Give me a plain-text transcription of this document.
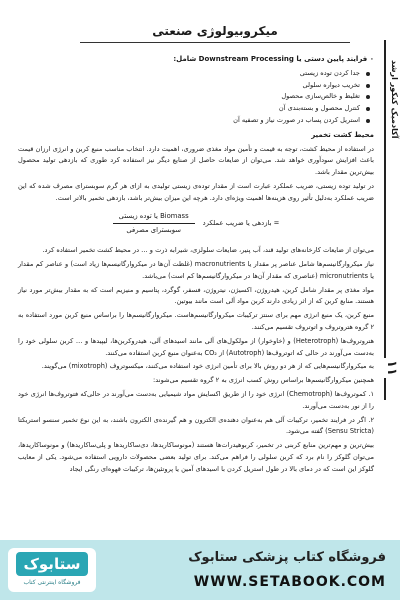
میکروبیولوژی صنعتی
آکادمیک کنکور ارشد
۱۱
۰ فرایند پایین دستی یا Downstream Processing شامل:
جدا کردن توده زیستی
تخریب دیواره سلولی
تغلیظ و خالص‌سازی محصول
کنترل محصول و بسته‌بندی آن
استریل کردن پساب در صورت نیاز و تصفیه آن
محیط کشت تخمیر

در استفاده از محیط کشت، توجه به قیمت و تأمین مواد مغذی ضروری، اهمیت دارد. انتخاب مناسب منبع کربن و انرژی ارزان قیمت باعث افزایش سودآوری خواهد شد. می‌توان از ضایعات حاصل از صنایع دیگر نیز استفاده کرد طوری که بازدهی تولید محصول بیش‌ترین مقدار باشد.

در تولید توده زیستی، ضریب عملکرد عبارت است از مقدار توده‌ی زیستی تولیدی به ازای هر گرم سوبسترای مصرف شده که این ضریب عملکرد به‌دلیل تأثیر روی هزینه‌ها اهمیت ویژه‌ای دارد. هرچه این میزان بیش‌تر باشد، بازدهی تخمیر بالاتر است.

$\frac{\text{Biomass یا توده زیستی}}{\text{سوبسترای مصرفی}}$ = بازدهی یا ضریب عملکرد

می‌توان از ضایعات کارخانه‌های تولید قند، آب پنیر، ضایعات سلولزی، شیرابه ذرت و … در محیط کشت تخمیر استفاده کرد.

نیاز میکروارگانیسم‌ها شامل عناصر پر مقدار یا macronutrients (غلظت آن‌ها در میکروارگانیسم‌ها زیاد است) و عناصر کم مقدار یا micronutrients (عناصری که مقدار آن‌ها در میکروارگانیسم‌ها کم است) می‌باشد.

مواد مغذی پر مقدار شامل کربن، هیدروژن، اکسیژن، نیتروژن، فسفر، گوگرد، پتاسیم و منیزیم است که به مقدار بیش‌تر مورد نیاز هستند. منابع کربن که از اثر زیادی دارند کربن مواد آلی است مانند بیوتین.

منبع کربن، یک منبع انرژی مهم برای سنتز ترکیبات میکروارگانیسم‌هاست. میکروارگانیسم‌ها را براساس منبع کربن مورد استفاده به ۲ گروه هتروتروف و اتوتروف تقسیم می‌کنند.

هتروتروف‌ها (Heterotroph) و (خاوخوار) از مولکول‌های آلی مانند اسیدهای آلی، هیدروکربن‌ها، لیپیدها و … کربن سلولی خود را به‌دست می‌آورند در حالی که اتوتروف‌ها (Autotroph) از CO₂ به‌عنوان منبع کربن استفاده می‌کنند.

به میکروارگانیسم‌هایی که از هر دو روش بالا برای تأمین انرژی خود استفاده می‌کنند، میکسوتروف (mixotroph) می‌گویند.

همچنین میکروارگانیسم‌ها براساس روش کسب انرژی به ۲ گروه تقسیم می‌شوند:

۱. کموتروف‌ها (Chemotroph) انرژی خود را از طریق اکسایش مواد شیمیایی به‌دست می‌آورند در حالی‌که فتوتروف‌ها انرژی خود را از نور به‌دست می‌آورند.
۲. اگر در فرایند تخمیر، ترکیبات آلی هم به‌عنوان دهنده‌ی الکترون و هم گیرنده‌ی الکترون باشند، به این نوع تخمیر سنسو استریکتا (Sensu Stricta) گفته می‌شود.

بیش‌ترین و مهم‌ترین منابع کربنی در تخمیر، کربوهیدرات‌ها هستند (مونوساکاریدها، دی‌ساکاریدها و پلی‌ساکاریدها) و مونوساکاریدها، می‌توان گلوکز را نام برد که کربن سلولی را فراهم می‌کند. برای تولید بعضی محصولات دارویی استفاده می‌شود. یکی از معایب گلوکز این است که در دمای بالا در طول استریل کردن با اسیدهای آمین یا پروتئین‌ها، ترکیبات قهوه‌ای رنگی ایجاد

ستابوک
فروشگاه اینترنتی کتاب
فروشگاه کتاب پزشکی ستابوک
WWW.SETABOOK.COM
